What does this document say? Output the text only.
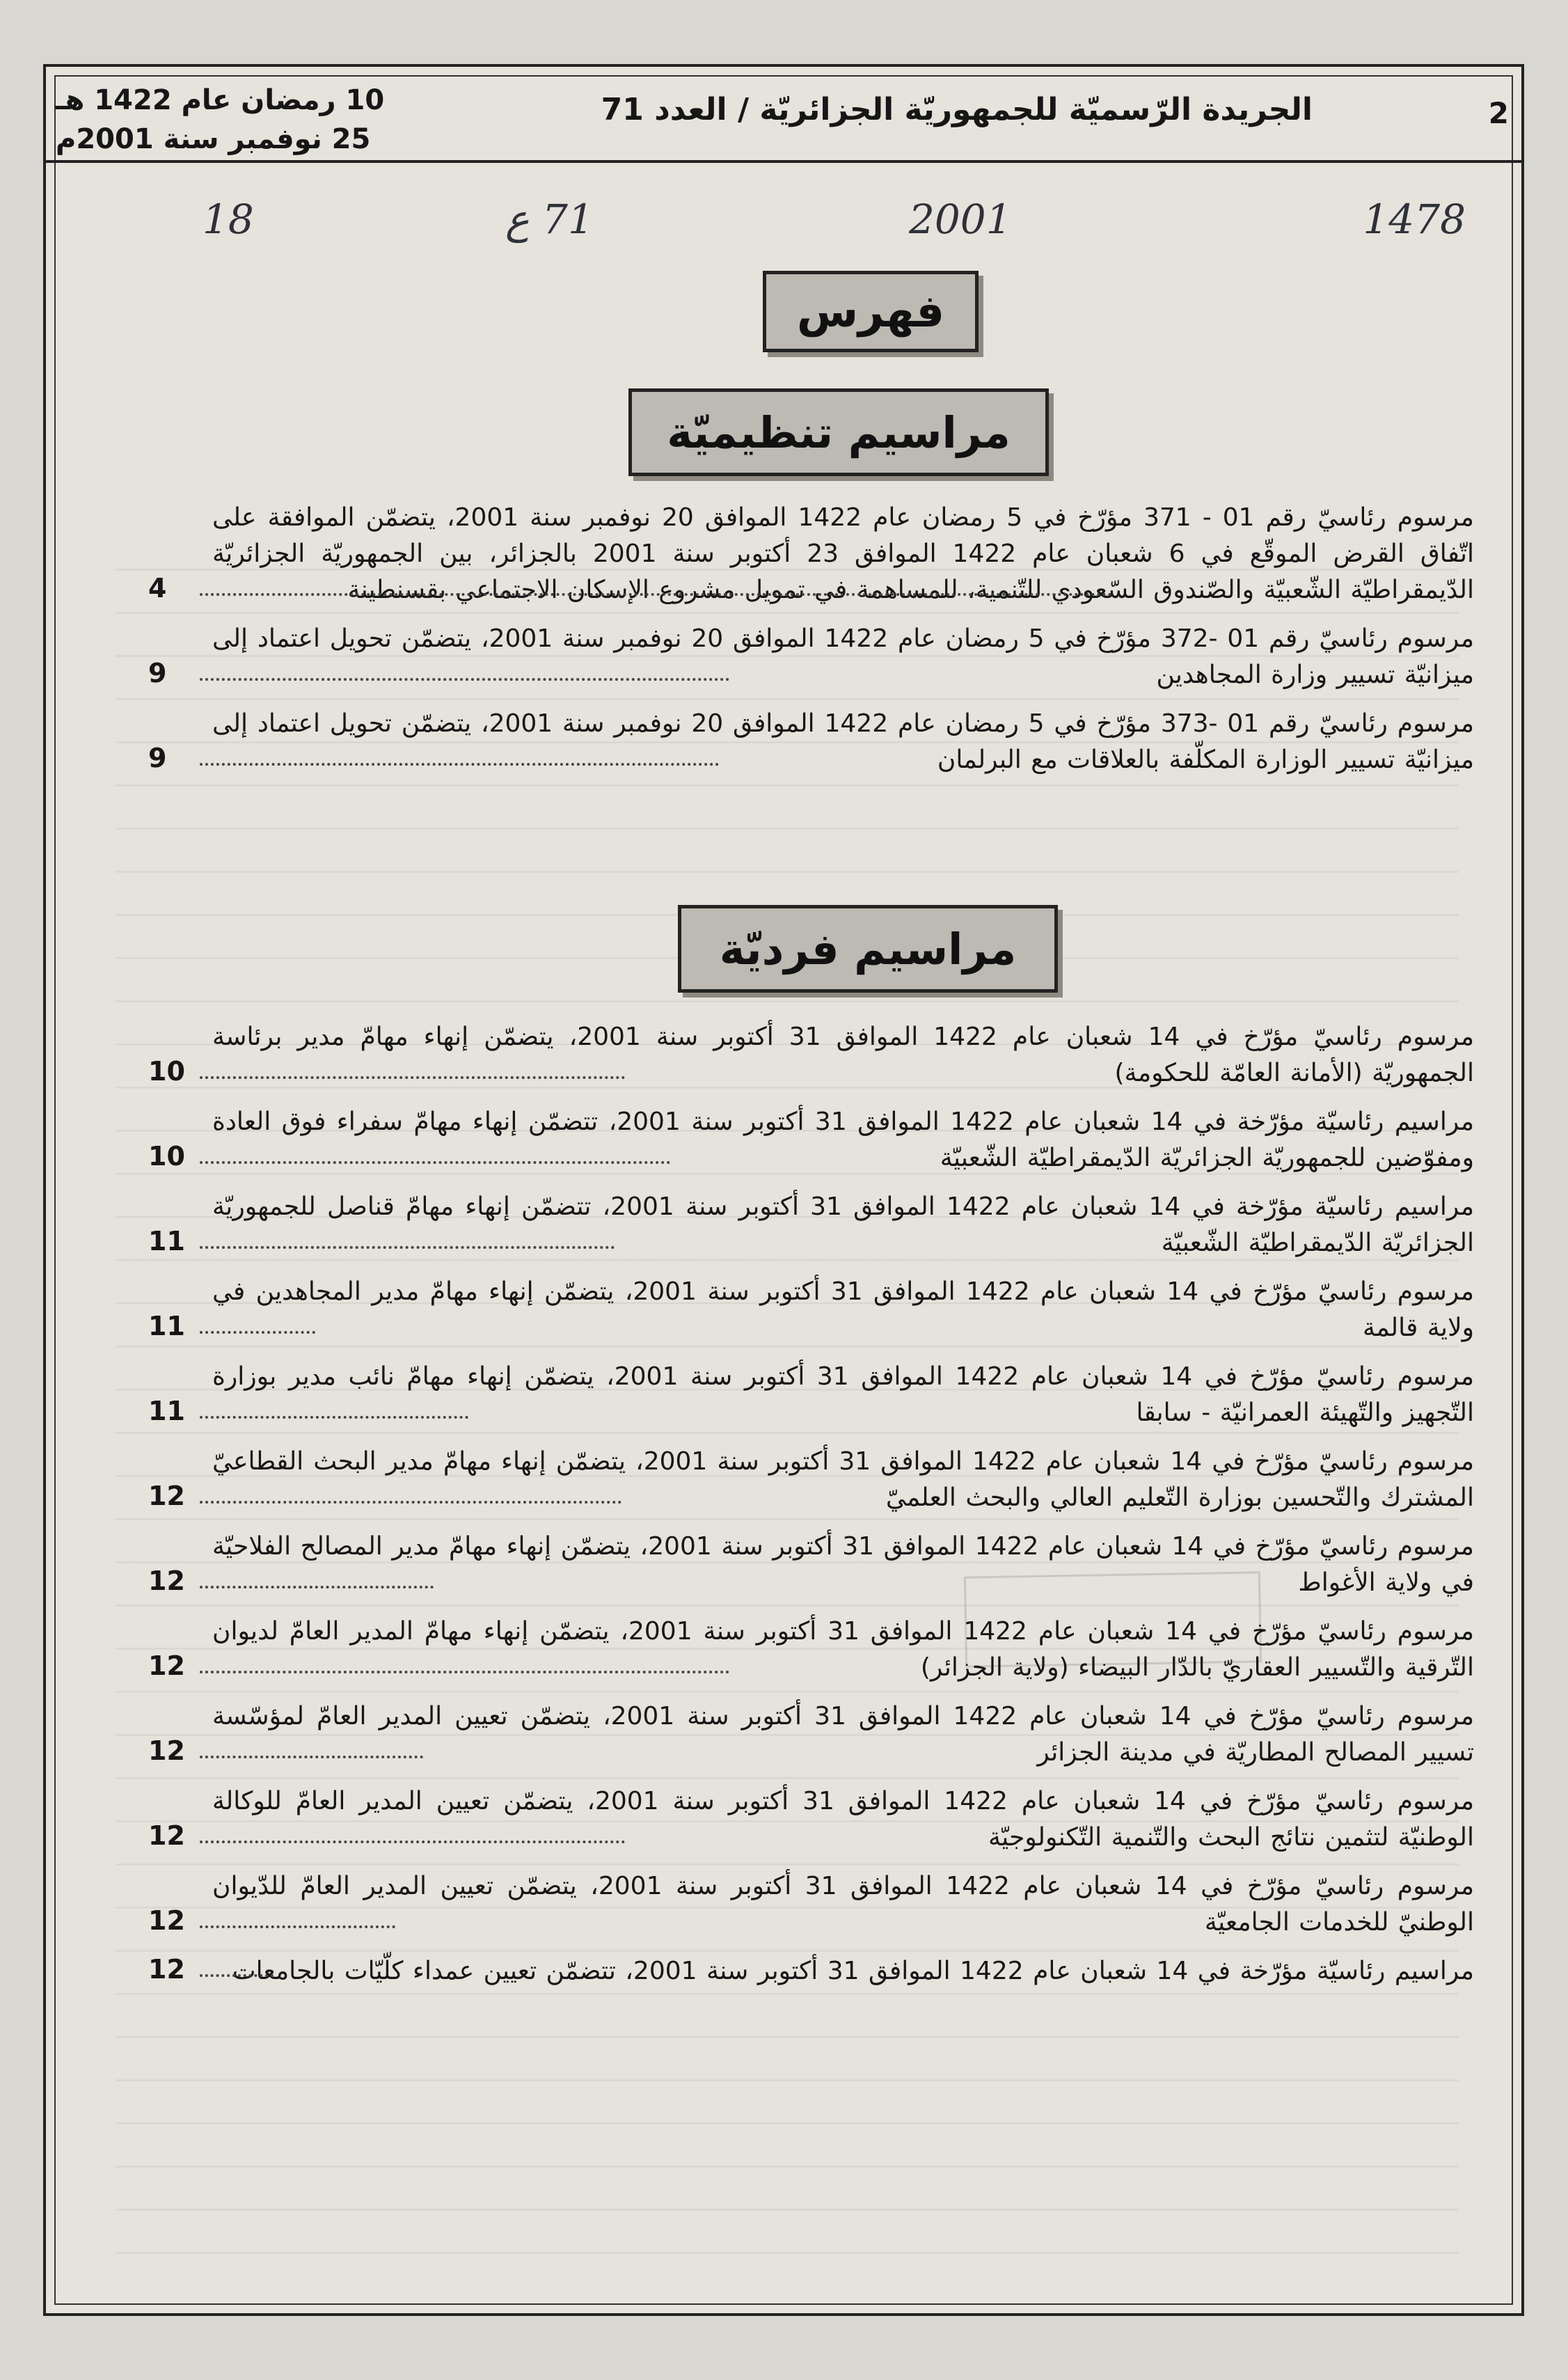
2
الجريدة الرّسميّة للجمهوريّة الجزائريّة / العدد 71
10 رمضان عام 1422 هـ
25 نوفمبر سنة 2001م
1478
2001
71 ع
18
فهرس
مراسيم تنظيميّة
مرسوم رئاسيّ رقم 01 - 371 مؤرّخ في 5 رمضان عام 1422 الموافق 20 نوفمبر سنة 2001، يتضمّن الموافقة على اتّفاق القرض الموقّع في 6 شعبان عام 1422 الموافق 23 أكتوبر سنة 2001 بالجزائر، بين الجمهوريّة الجزائريّة الدّيمقراطيّة الشّعبيّة والصّندوق السّعودي للتّنمية، للمساهمة في تمويل مشروع الإسكان الاجتماعي بقسنطينة
4
مرسوم رئاسيّ رقم 01 -372 مؤرّخ في 5 رمضان عام 1422 الموافق 20 نوفمبر سنة 2001، يتضمّن تحويل اعتماد إلى ميزانيّة تسيير وزارة المجاهدين
9
مرسوم رئاسيّ رقم 01 -373 مؤرّخ في 5 رمضان عام 1422 الموافق 20 نوفمبر سنة 2001، يتضمّن تحويل اعتماد إلى ميزانيّة تسيير الوزارة المكلّفة بالعلاقات مع البرلمان
9
مراسيم فرديّة
مرسوم رئاسيّ مؤرّخ في 14 شعبان عام 1422 الموافق 31 أكتوبر سنة 2001، يتضمّن إنهاء مهامّ مدير برئاسة الجمهوريّة (الأمانة العامّة للحكومة)
10
مراسيم رئاسيّة مؤرّخة في 14 شعبان عام 1422 الموافق 31 أكتوبر سنة 2001، تتضمّن إنهاء مهامّ سفراء فوق العادة ومفوّضين للجمهوريّة الجزائريّة الدّيمقراطيّة الشّعبيّة
10
مراسيم رئاسيّة مؤرّخة في 14 شعبان عام 1422 الموافق 31 أكتوبر سنة 2001، تتضمّن إنهاء مهامّ قناصل للجمهوريّة الجزائريّة الدّيمقراطيّة الشّعبيّة
11
مرسوم رئاسيّ مؤرّخ في 14 شعبان عام 1422 الموافق 31 أكتوبر سنة 2001، يتضمّن إنهاء مهامّ مدير المجاهدين في ولاية قالمة
11
مرسوم رئاسيّ مؤرّخ في 14 شعبان عام 1422 الموافق 31 أكتوبر سنة 2001، يتضمّن إنهاء مهامّ نائب مدير بوزارة التّجهيز والتّهيئة العمرانيّة - سابقا
11
مرسوم رئاسيّ مؤرّخ في 14 شعبان عام 1422 الموافق 31 أكتوبر سنة 2001، يتضمّن إنهاء مهامّ مدير البحث القطاعيّ المشترك والتّحسين بوزارة التّعليم العالي والبحث العلميّ
12
مرسوم رئاسيّ مؤرّخ في 14 شعبان عام 1422 الموافق 31 أكتوبر سنة 2001، يتضمّن إنهاء مهامّ مدير المصالح الفلاحيّة في ولاية الأغواط
12
مرسوم رئاسيّ مؤرّخ في 14 شعبان عام 1422 الموافق 31 أكتوبر سنة 2001، يتضمّن إنهاء مهامّ المدير العامّ لديوان التّرقية والتّسيير العقاريّ بالدّار البيضاء (ولاية الجزائر)
12
مرسوم رئاسيّ مؤرّخ في 14 شعبان عام 1422 الموافق 31 أكتوبر سنة 2001، يتضمّن تعيين المدير العامّ لمؤسّسة تسيير المصالح المطاريّة في مدينة الجزائر
12
مرسوم رئاسيّ مؤرّخ في 14 شعبان عام 1422 الموافق 31 أكتوبر سنة 2001، يتضمّن تعيين المدير العامّ للوكالة الوطنيّة لتثمين نتائج البحث والتّنمية التّكنولوجيّة
12
مرسوم رئاسيّ مؤرّخ في 14 شعبان عام 1422 الموافق 31 أكتوبر سنة 2001، يتضمّن تعيين المدير العامّ للدّيوان الوطنيّ للخدمات الجامعيّة
12
مراسيم رئاسيّة مؤرّخة في 14 شعبان عام 1422 الموافق 31 أكتوبر سنة 2001، تتضمّن تعيين عمداء كلّيّات بالجامعات
12
